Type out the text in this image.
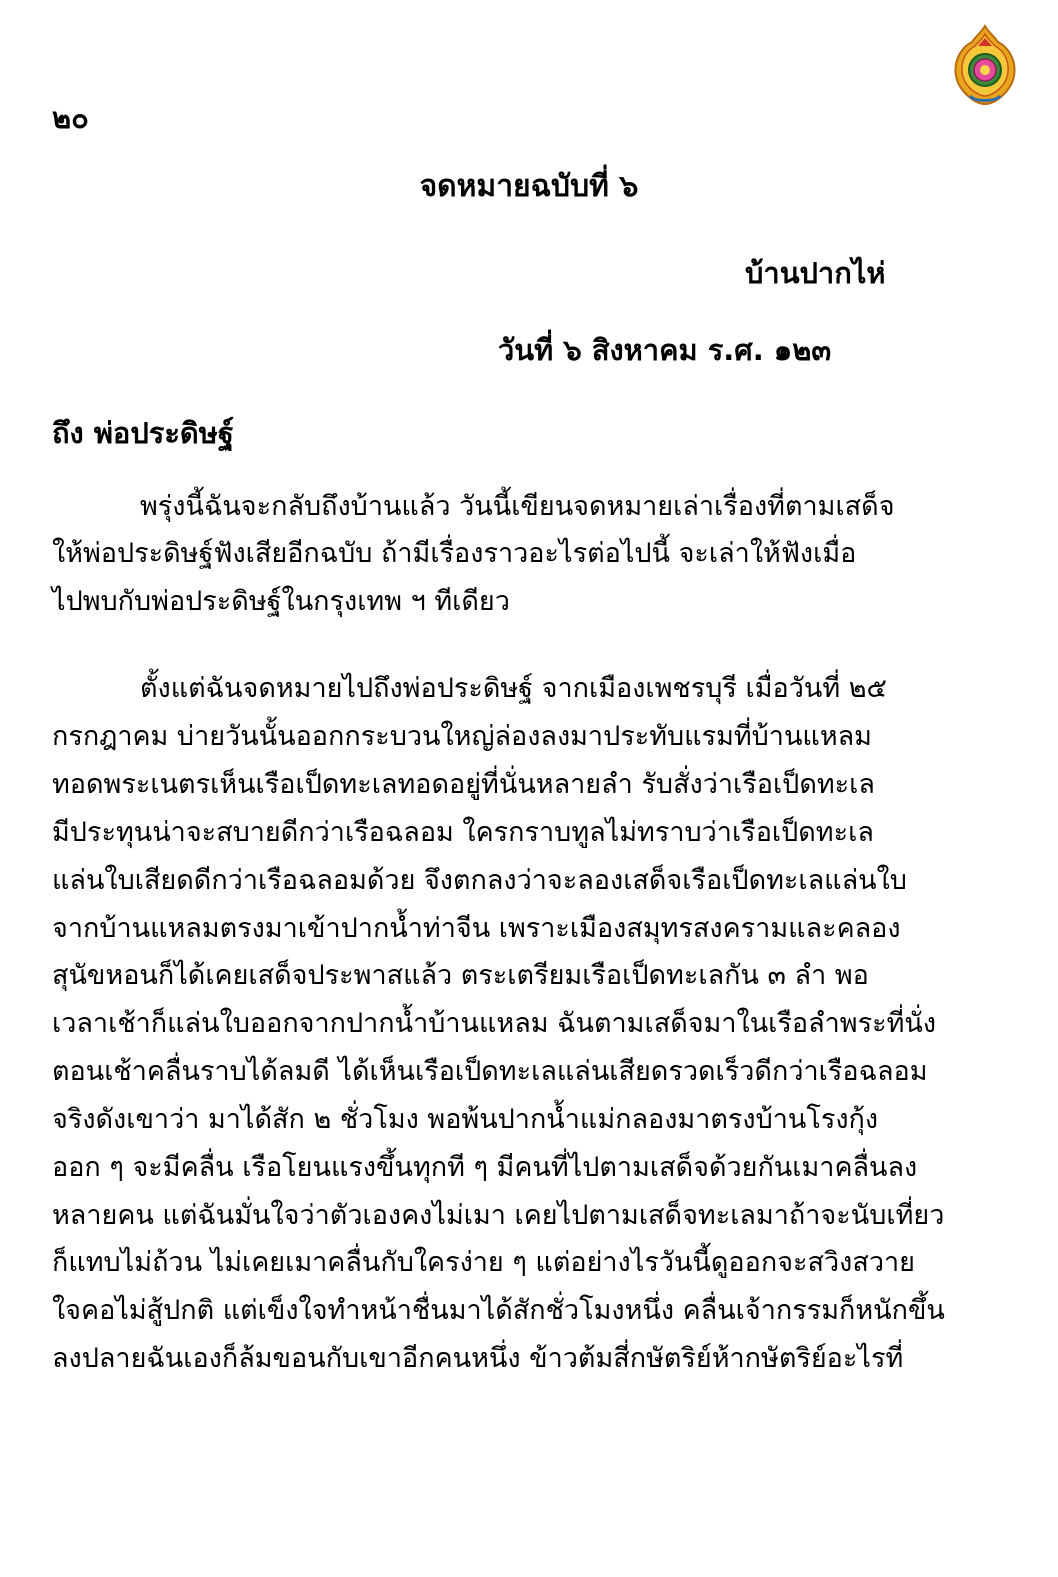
๒๐
จดหมายฉบับที่ ๖
บ้านปากไห่
วันที่ ๖ สิงหาคม ร.ศ. ๑๒๓
ถึง พ่อประดิษฐ์
พรุ่งนี้ฉันจะกลับถึงบ้านแล้ว วันนี้เขียนจดหมายเล่าเรื่องที่ตามเสด็จ
ให้พ่อประดิษฐ์ฟังเสียอีกฉบับ ถ้ามีเรื่องราวอะไรต่อไปนี้ จะเล่าให้ฟังเมื่อ
ไปพบกับพ่อประดิษฐ์ในกรุงเทพ ฯ ทีเดียว
ตั้งแต่ฉันจดหมายไปถึงพ่อประดิษฐ์ จากเมืองเพชรบุรี เมื่อวันที่ ๒๕
กรกฎาคม บ่ายวันนั้นออกกระบวนใหญ่ล่องลงมาประทับแรมที่บ้านแหลม
ทอดพระเนตรเห็นเรือเป็ดทะเลทอดอยู่ที่นั่นหลายลำ รับสั่งว่าเรือเป็ดทะเล
มีประทุนน่าจะสบายดีกว่าเรือฉลอม ใครกราบทูลไม่ทราบว่าเรือเป็ดทะเล
แล่นใบเสียดดีกว่าเรือฉลอมด้วย จึงตกลงว่าจะลองเสด็จเรือเป็ดทะเลแล่นใบ
จากบ้านแหลมตรงมาเข้าปากน้ำท่าจีน เพราะเมืองสมุทรสงครามและคลอง
สุนัขหอนก็ได้เคยเสด็จประพาสแล้ว ตระเตรียมเรือเป็ดทะเลกัน ๓ ลำ พอ
เวลาเช้าก็แล่นใบออกจากปากน้ำบ้านแหลม ฉันตามเสด็จมาในเรือลำพระที่นั่ง
ตอนเช้าคลื่นราบได้ลมดี ได้เห็นเรือเป็ดทะเลแล่นเสียดรวดเร็วดีกว่าเรือฉลอม
จริงดังเขาว่า มาได้สัก ๒ ชั่วโมง พอพ้นปากน้ำแม่กลองมาตรงบ้านโรงกุ้ง
ออก ๆ จะมีคลื่น เรือโยนแรงขึ้นทุกที ๆ มีคนที่ไปตามเสด็จด้วยกันเมาคลื่นลง
หลายคน แต่ฉันมั่นใจว่าตัวเองคงไม่เมา เคยไปตามเสด็จทะเลมาถ้าจะนับเที่ยว
ก็แทบไม่ถ้วน ไม่เคยเมาคลื่นกับใครง่าย ๆ แต่อย่างไรวันนี้ดูออกจะสวิงสวาย
ใจคอไม่สู้ปกติ แต่เข็งใจทำหน้าชื่นมาได้สักชั่วโมงหนึ่ง คลื่นเจ้ากรรมก็หนักขึ้น
ลงปลายฉันเองก็ล้มขอนกับเขาอีกคนหนึ่ง ข้าวต้มสี่กษัตริย์ห้ากษัตริย์อะไรที่
